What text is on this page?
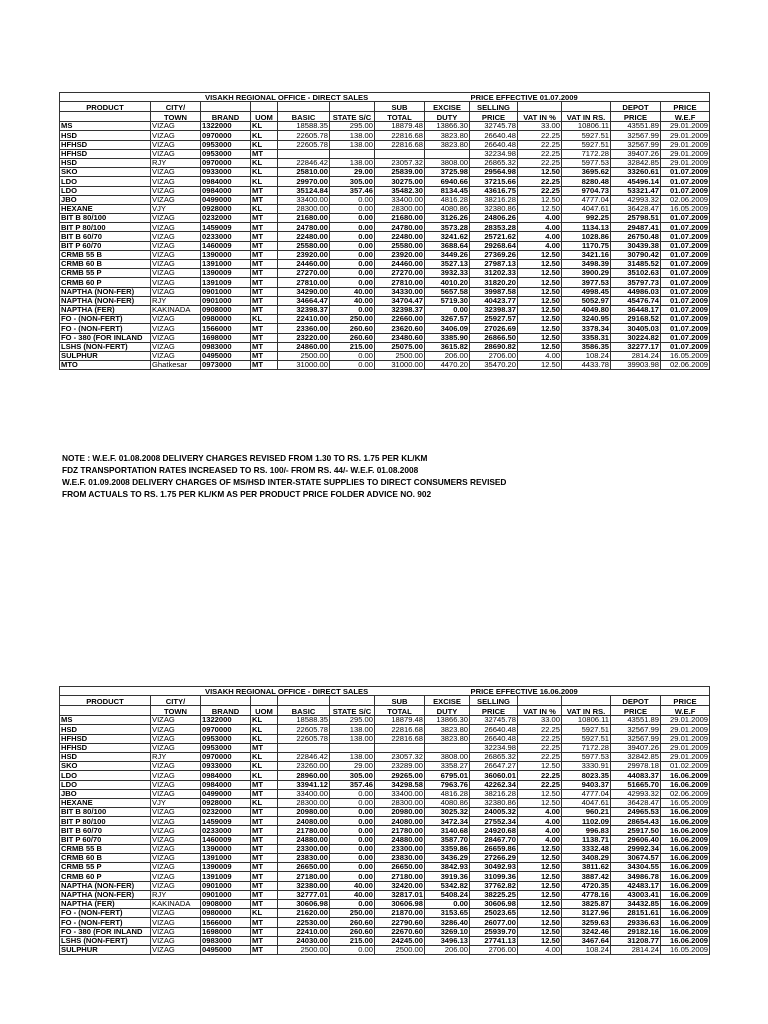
VISAKH REGIONAL OFFICE - DIRECT SALES								PRICE EFFECTIVE 01.07.2009				
PRODUCT	CITY/					SUB	EXCISE	SELLING			DEPOT	PRICE
	TOWN	BRAND	UOM	BASIC	STATE S/C	TOTAL	DUTY	PRICE	VAT IN %	VAT IN RS.	PRICE	W.E.F
MS	VIZAG	1322000	KL	18588.35	295.00	18879.48	13866.30	32745.78	33.00	10806.11	43551.89	29.01.2009
HSD	VIZAG	0970000	KL	22605.78	138.00	22816.68	3823.80	26640.48	22.25	5927.51	32567.99	29.01.2009
HFHSD	VIZAG	0953000	KL	22605.78	138.00	22816.68	3823.80	26640.48	22.25	5927.51	32567.99	29.01.2009
HFHSD	VIZAG	0953000	MT					32234.98	22.25	7172.28	39407.26	29.01.2009
HSD	RJY	0970000	KL	22846.42	138.00	23057.32	3808.00	26865.32	22.25	5977.53	32842.85	29.01.2009
SKO	VIZAG	0933000	KL	25810.00	29.00	25839.00	3725.98	29564.98	12.50	3695.62	33260.61	01.07.2009
LDO	VIZAG	0984000	KL	29970.00	305.00	30275.00	6940.66	37215.66	22.25	8280.48	45496.14	01.07.2009
LDO	VIZAG	0984000	MT	35124.84	357.46	35482.30	8134.45	43616.75	22.25	9704.73	53321.47	01.07.2009
JBO	VIZAG	0499000	MT	33400.00	0.00	33400.00	4816.28	38216.28	12.50	4777.04	42993.32	02.06.2009
HEXANE	VJY	0928000	KL	28300.00	0.00	28300.00	4080.86	32380.86	12.50	4047.61	36428.47	16.05.2009
BIT B 80/100	VIZAG	0232000	MT	21680.00	0.00	21680.00	3126.26	24806.26	4.00	992.25	25798.51	01.07.2009
BIT P 80/100	VIZAG	1459009	MT	24780.00	0.00	24780.00	3573.28	28353.28	4.00	1134.13	29487.41	01.07.2009
BIT B 60/70	VIZAG	0233000	MT	22480.00	0.00	22480.00	3241.62	25721.62	4.00	1028.86	26750.48	01.07.2009
BIT P 60/70	VIZAG	1460009	MT	25580.00	0.00	25580.00	3688.64	29268.64	4.00	1170.75	30439.38	01.07.2009
CRMB 55 B	VIZAG	1390000	MT	23920.00	0.00	23920.00	3449.26	27369.26	12.50	3421.16	30790.42	01.07.2009
CRMB 60 B	VIZAG	1391000	MT	24460.00	0.00	24460.00	3527.13	27987.13	12.50	3498.39	31485.52	01.07.2009
CRMB 55 P	VIZAG	1390009	MT	27270.00	0.00	27270.00	3932.33	31202.33	12.50	3900.29	35102.63	01.07.2009
CRMB 60 P	VIZAG	1391009	MT	27810.00	0.00	27810.00	4010.20	31820.20	12.50	3977.53	35797.73	01.07.2009
NAPTHA (NON-FER)	VIZAG	0901000	MT	34290.00	40.00	34330.00	5657.58	39987.58	12.50	4998.45	44986.03	01.07.2009
NAPTHA (NON-FER)	RJY	0901000	MT	34664.47	40.00	34704.47	5719.30	40423.77	12.50	5052.97	45476.74	01.07.2009
NAPTHA (FER)	KAKINADA	0908000	MT	32398.37	0.00	32398.37	0.00	32398.37	12.50	4049.80	36448.17	01.07.2009
FO - (NON-FERT)	VIZAG	0980000	KL	22410.00	250.00	22660.00	3267.57	25927.57	12.50	3240.95	29168.52	01.07.2009
FO - (NON-FERT)	VIZAG	1566000	MT	23360.00	260.60	23620.60	3406.09	27026.69	12.50	3378.34	30405.03	01.07.2009
FO - 380 (FOR INLAND	VIZAG	1698000	MT	23220.00	260.60	23480.60	3385.90	26866.50	12.50	3358.31	30224.82	01.07.2009
LSHS (NON-FERT)	VIZAG	0983000	MT	24860.00	215.00	25075.00	3615.82	28690.82	12.50	3586.35	32277.17	01.07.2009
SULPHUR	VIZAG	0495000	MT	2500.00	0.00	2500.00	206.00	2706.00	4.00	108.24	2814.24	16.05.2009
MTO	Ghatkesar	0973000	MT	31000.00	0.00	31000.00	4470.20	35470.20	12.50	4433.78	39903.98	02.06.2009
NOTE : W.E.F. 01.08.2008 DELIVERY CHARGES REVISED FROM 1.30 TO RS. 1.75 PER KL/KM
FDZ TRANSPORTATION RATES INCREASED TO RS. 100/- FROM RS. 44/- W.E.F. 01.08.2008
W.E.F. 01.09.2008 DELIVERY CHARGES OF MS/HSD INTER-STATE SUPPLIES TO DIRECT CONSUMERS REVISED
FROM ACTUALS TO RS. 1.75 PER KL/KM AS PER PRODUCT PRICE FOLDER ADVICE NO. 902
VISAKH REGIONAL OFFICE - DIRECT SALES								PRICE EFFECTIVE 16.06.2009				
PRODUCT	CITY/					SUB	EXCISE	SELLING			DEPOT	PRICE
	TOWN	BRAND	UOM	BASIC	STATE S/C	TOTAL	DUTY	PRICE	VAT IN %	VAT IN RS.	PRICE	W.E.F
MS	VIZAG	1322000	KL	18588.35	295.00	18879.48	13866.30	32745.78	33.00	10806.11	43551.89	29.01.2009
HSD	VIZAG	0970000	KL	22605.78	138.00	22816.68	3823.80	26640.48	22.25	5927.51	32567.99	29.01.2009
HFHSD	VIZAG	0953000	KL	22605.78	138.00	22816.68	3823.80	26640.48	22.25	5927.51	32567.99	29.01.2009
HFHSD	VIZAG	0953000	MT					32234.98	22.25	7172.28	39407.26	29.01.2009
HSD	RJY	0970000	KL	22846.42	138.00	23057.32	3808.00	26865.32	22.25	5977.53	32842.85	29.01.2009
SKO	VIZAG	0933000	KL	23260.00	29.00	23289.00	3358.27	26647.27	12.50	3330.91	29978.18	01.02.2009
LDO	VIZAG	0984000	KL	28960.00	305.00	29265.00	6795.01	36060.01	22.25	8023.35	44083.37	16.06.2009
LDO	VIZAG	0984000	MT	33941.12	357.46	34298.58	7963.76	42262.34	22.25	9403.37	51665.70	16.06.2009
JBO	VIZAG	0499000	MT	33400.00	0.00	33400.00	4816.28	38216.28	12.50	4777.04	42993.32	02.06.2009
HEXANE	VJY	0928000	KL	28300.00	0.00	28300.00	4080.86	32380.86	12.50	4047.61	36428.47	16.05.2009
BIT B 80/100	VIZAG	0232000	MT	20980.00	0.00	20980.00	3025.32	24005.32	4.00	960.21	24965.53	16.06.2009
BIT P 80/100	VIZAG	1459009	MT	24080.00	0.00	24080.00	3472.34	27552.34	4.00	1102.09	28654.43	16.06.2009
BIT B 60/70	VIZAG	0233000	MT	21780.00	0.00	21780.00	3140.68	24920.68	4.00	996.83	25917.50	16.06.2009
BIT P 60/70	VIZAG	1460009	MT	24880.00	0.00	24880.00	3587.70	28467.70	4.00	1138.71	29606.40	16.06.2009
CRMB 55 B	VIZAG	1390000	MT	23300.00	0.00	23300.00	3359.86	26659.86	12.50	3332.48	29992.34	16.06.2009
CRMB 60 B	VIZAG	1391000	MT	23830.00	0.00	23830.00	3436.29	27266.29	12.50	3408.29	30674.57	16.06.2009
CRMB 55 P	VIZAG	1390009	MT	26650.00	0.00	26650.00	3842.93	30492.93	12.50	3811.62	34304.55	16.06.2009
CRMB 60 P	VIZAG	1391009	MT	27180.00	0.00	27180.00	3919.36	31099.36	12.50	3887.42	34986.78	16.06.2009
NAPTHA (NON-FER)	VIZAG	0901000	MT	32380.00	40.00	32420.00	5342.82	37762.82	12.50	4720.35	42483.17	16.06.2009
NAPTHA (NON-FER)	RJY	0901000	MT	32777.01	40.00	32817.01	5408.24	38225.25	12.50	4778.16	43003.41	16.06.2009
NAPTHA (FER)	KAKINADA	0908000	MT	30606.98	0.00	30606.98	0.00	30606.98	12.50	3825.87	34432.85	16.06.2009
FO - (NON-FERT)	VIZAG	0980000	KL	21620.00	250.00	21870.00	3153.65	25023.65	12.50	3127.96	28151.61	16.06.2009
FO - (NON-FERT)	VIZAG	1566000	MT	22530.00	260.60	22790.60	3286.40	26077.00	12.50	3259.63	29336.63	16.06.2009
FO - 380 (FOR INLAND	VIZAG	1698000	MT	22410.00	260.60	22670.60	3269.10	25939.70	12.50	3242.46	29182.16	16.06.2009
LSHS (NON-FERT)	VIZAG	0983000	MT	24030.00	215.00	24245.00	3496.13	27741.13	12.50	3467.64	31208.77	16.06.2009
SULPHUR	VIZAG	0495000	MT	2500.00	0.00	2500.00	206.00	2706.00	4.00	108.24	2814.24	16.05.2009
